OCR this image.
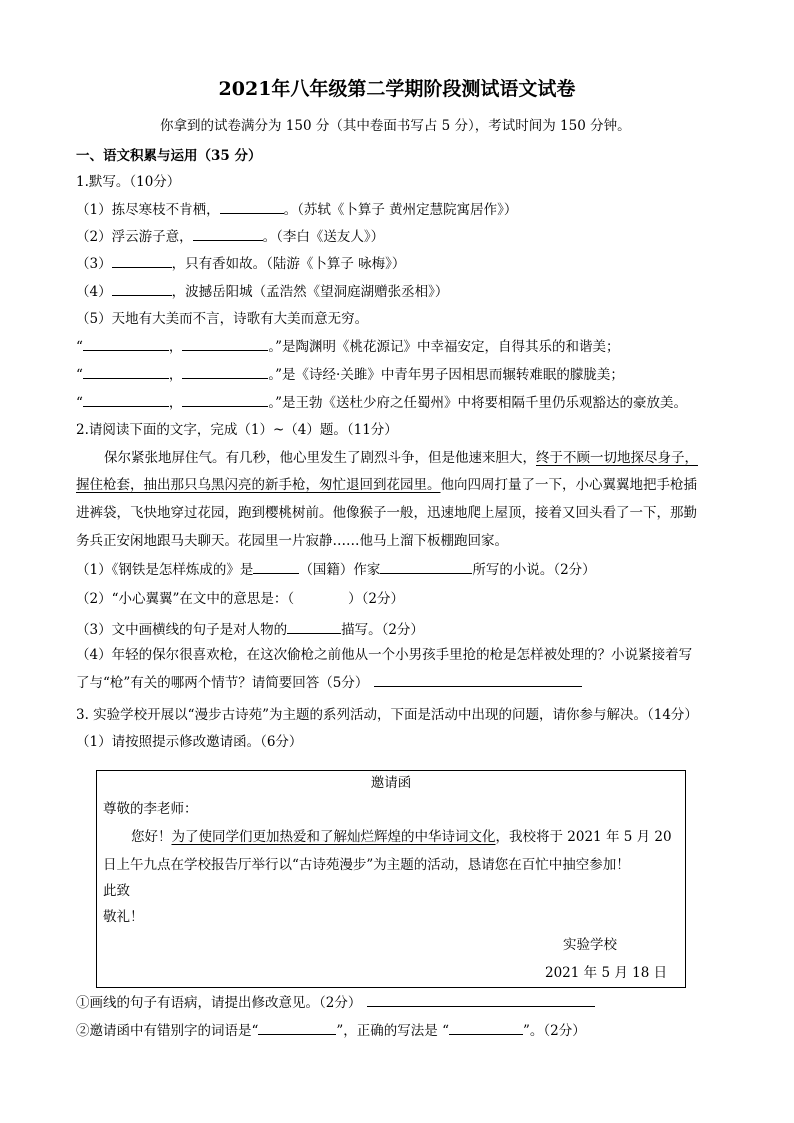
2021年八年级第二学期阶段测试语文试卷
你拿到的试卷满分为 150 分（其中卷面书写占 5 分），考试时间为 150 分钟。
一、语文积累与运用（35 分）
1.默写。（10分）
（1）拣尽寒枝不肯栖，	。（苏轼《卜算子 黄州定慧院寓居作》）
（2）浮云游子意，	。（李白《送友人》）
（3）	，只有香如故。（陆游《卜算子 咏梅》）
（4）	，波撼岳阳城（孟浩然《望洞庭湖赠张丞相》）
（5）天地有大美而不言，诗歌有大美而意无穷。
“	，	。”是陶渊明《桃花源记》中幸福安定，自得其乐的和谐美；
“	，	。”是《诗经·关雎》中青年男子因相思而辗转难眠的朦胧美；
“	，	。”是王勃《送杜少府之任蜀州》中将要相隔千里仍乐观豁达的豪放美。
2.请阅读下面的文字，完成（1）~（4）题。（11分）
保尔紧张地屏住气。有几秒，他心里发生了剧烈斗争，但是他速来胆大，终于不顾一切地探尽身子，
握住枪套，抽出那只乌黑闪亮的新手枪，匆忙退回到花园里。他向四周打量了一下，小心翼翼地把手枪插
进裤袋，飞快地穿过花园，跑到樱桃树前。他像猴子一般，迅速地爬上屋顶，接着又回头看了一下，那勤
务兵正安闲地跟马夫聊天。花园里一片寂静……他马上溜下板棚跑回家。
（1）《钢铁是怎样炼成的》是	（国籍）作家	所写的小说。（2分）
（2）“小心翼翼”在文中的意思是：（　　　　）（2分）
（3）文中画横线的句子是对人物的	描写。（2分）
（4）年轻的保尔很喜欢枪，在这次偷枪之前他从一个小男孩手里抢的枪是怎样被处理的？小说紧接着写
了与“枪”有关的哪两个情节？请简要回答（5分）
3. 实验学校开展以“漫步古诗苑”为主题的系列活动，下面是活动中出现的问题，请你参与解决。（14分）
（1）请按照提示修改邀请函。（6分）
邀请函
尊敬的李老师：
您好！为了使同学们更加热爱和了解灿烂辉煌的中华诗词文化，我校将于 2021 年 5 月 20
日上午九点在学校报告厅举行以“古诗苑漫步”为主题的活动，恳请您在百忙中抽空参加！
此致
敬礼！
实验学校
2021 年 5 月 18 日
①画线的句子有语病，请提出修改意见。（2分）
②邀请函中有错别字的词语是“	”，正确的写法是 “	”。（2分）
